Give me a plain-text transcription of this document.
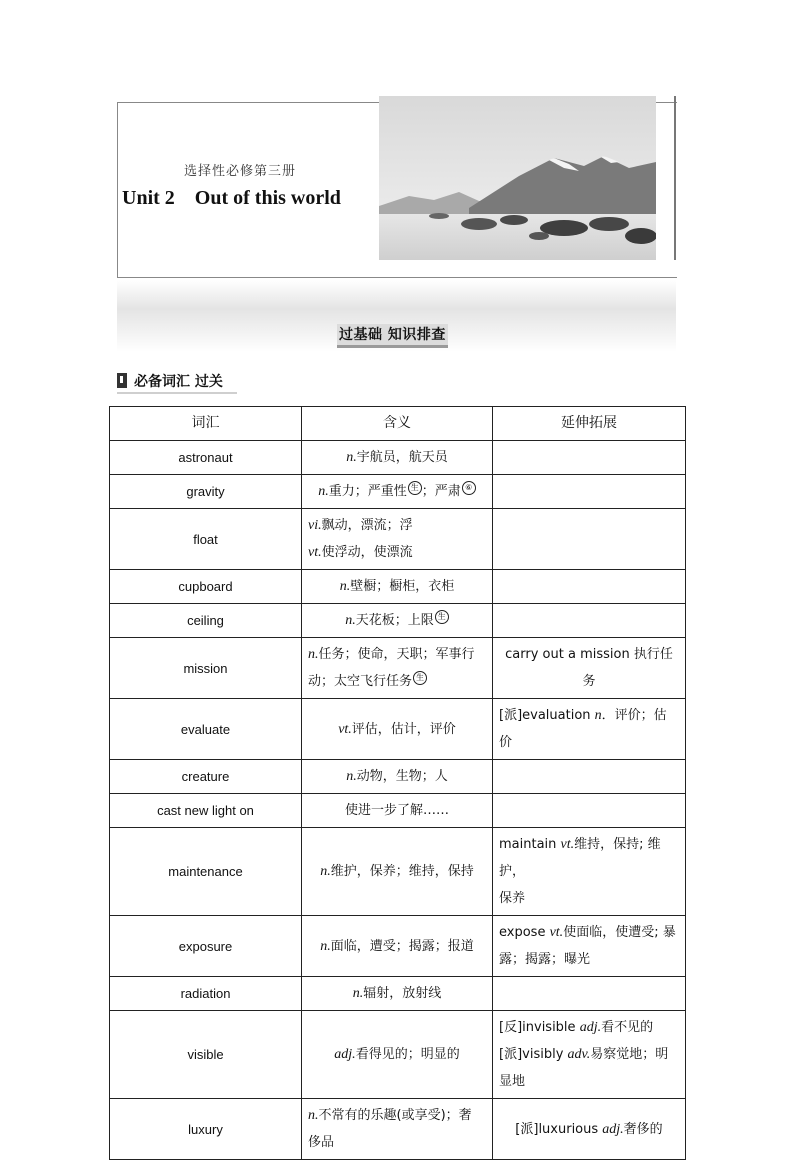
选择性必修第三册
Unit 2    Out of this world
过基础 知识排查
必备词汇 过关
词汇	含义	延伸拓展
astronaut	n.宇航员，航天员	
gravity	n.重力；严重性 生 ；严肃 ⑥	
float	vi.飘动，漂流；浮
vt.使浮动，使漂流	

cupboard	n.壁橱；橱柜，衣柜	
ceiling	n.天花板；上限 生	
mission	n.任务；使命，天职；军事行
动；太空飞行任务 生	carry out a mission 执行任务
evaluate	vt.评估，估计，评价	[派]evaluation n．评价；估价
creature	n.动物，生物；人	
cast new light on	使进一步了解……	
maintenance	n.维护，保养；维持，保持	maintain vt.维持，保持; 维护，
保养

exposure	n.面临，遭受；揭露；报道	expose vt.使面临，使遭受; 暴
露；揭露；曝光

radiation	n.辐射，放射线	
visible	adj.看得见的；明显的	[反]invisible adj.看不见的
[派]visibly adv.易察觉地；明
显地

luxury	n.不常有的乐趣(或享受)；奢
侈品	[派]luxurious adj.奢侈的
